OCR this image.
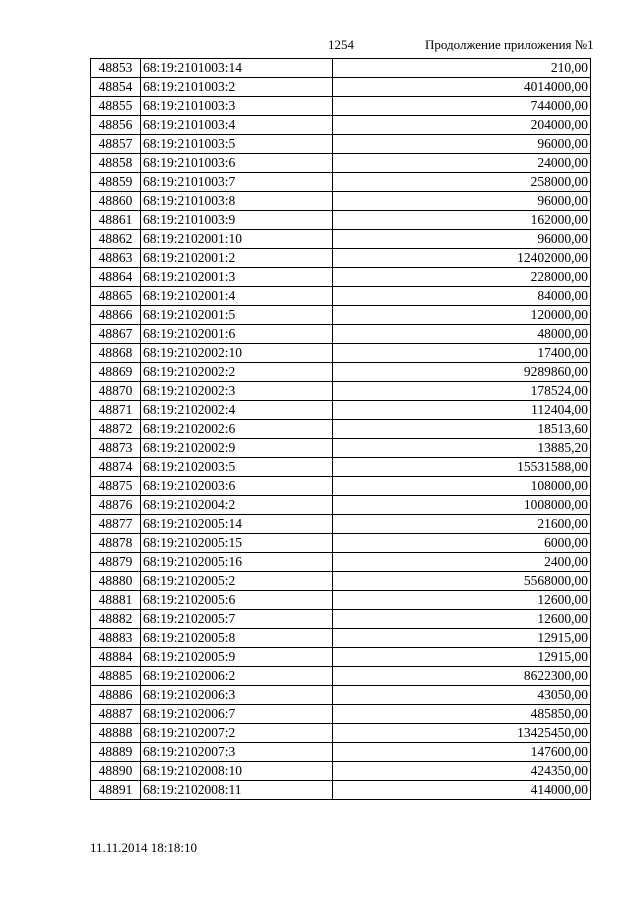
1254	Продолжение приложения №1
48853	68:19:2101003:14	210,00
48854	68:19:2101003:2	4014000,00
48855	68:19:2101003:3	744000,00
48856	68:19:2101003:4	204000,00
48857	68:19:2101003:5	96000,00
48858	68:19:2101003:6	24000,00
48859	68:19:2101003:7	258000,00
48860	68:19:2101003:8	96000,00
48861	68:19:2101003:9	162000,00
48862	68:19:2102001:10	96000,00
48863	68:19:2102001:2	12402000,00
48864	68:19:2102001:3	228000,00
48865	68:19:2102001:4	84000,00
48866	68:19:2102001:5	120000,00
48867	68:19:2102001:6	48000,00
48868	68:19:2102002:10	17400,00
48869	68:19:2102002:2	9289860,00
48870	68:19:2102002:3	178524,00
48871	68:19:2102002:4	112404,00
48872	68:19:2102002:6	18513,60
48873	68:19:2102002:9	13885,20
48874	68:19:2102003:5	15531588,00
48875	68:19:2102003:6	108000,00
48876	68:19:2102004:2	1008000,00
48877	68:19:2102005:14	21600,00
48878	68:19:2102005:15	6000,00
48879	68:19:2102005:16	2400,00
48880	68:19:2102005:2	5568000,00
48881	68:19:2102005:6	12600,00
48882	68:19:2102005:7	12600,00
48883	68:19:2102005:8	12915,00
48884	68:19:2102005:9	12915,00
48885	68:19:2102006:2	8622300,00
48886	68:19:2102006:3	43050,00
48887	68:19:2102006:7	485850,00
48888	68:19:2102007:2	13425450,00
48889	68:19:2102007:3	147600,00
48890	68:19:2102008:10	424350,00
48891	68:19:2102008:11	414000,00
11.11.2014 18:18:10
